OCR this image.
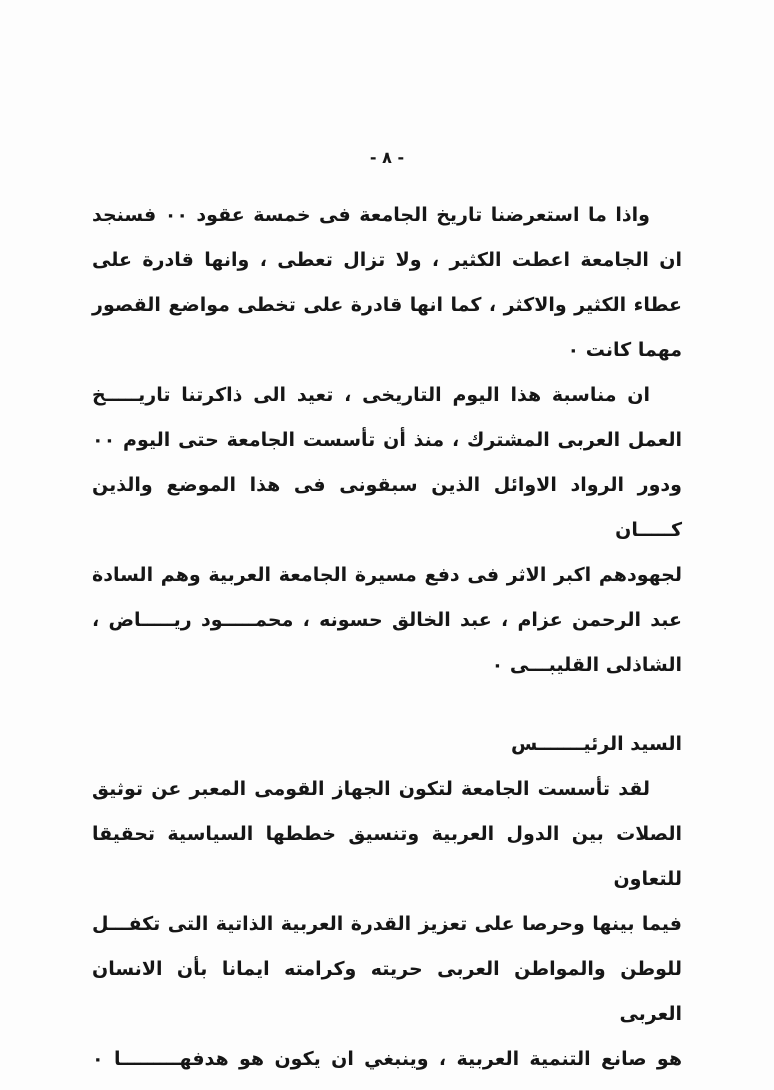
- ٨ -
واذا ما استعرضنا تاريخ الجامعة فى خمسة عقود ٠٠ فسنجد
ان الجامعة اعطت الكثير ، ولا تزال تعطى ، وانها قادرة على
عطاء الكثير والاكثر ، كما انها قادرة على تخطى مواضع القصور
مهما كانت ٠
ان مناسبة هذا اليوم التاريخى ، تعيد الى ذاكرتنا تاريـــــخ
العمل العربى المشترك ، منذ أن تأسست الجامعة حتى اليوم ٠٠
ودور الرواد الاوائل الذين سبقونى فى هذا الموضع والذين كـــــان
لجهودهم اكبر الاثر فى دفع مسيرة الجامعة العربية وهم السادة
عبد الرحمن عزام ، عبد الخالق حسونه ، محمـــــود ريـــــاض ،
الشاذلى القليبـــى ٠
السيد الرئيـــــــس
لقد تأسست الجامعة لتكون الجهاز القومى المعبر عن توثيق
الصلات بين الدول العربية وتنسيق خططها السياسية تحقيقا للتعاون
فيما بينها وحرصا على تعزيز القدرة العربية الذاتية التى تكفـــل
للوطن والمواطن العربى حريته وكرامته ايمانا بأن الانسان العربى
هو صانع التنمية العربية ، وينبغي ان يكون هو هدفهـــــــــا ٠
